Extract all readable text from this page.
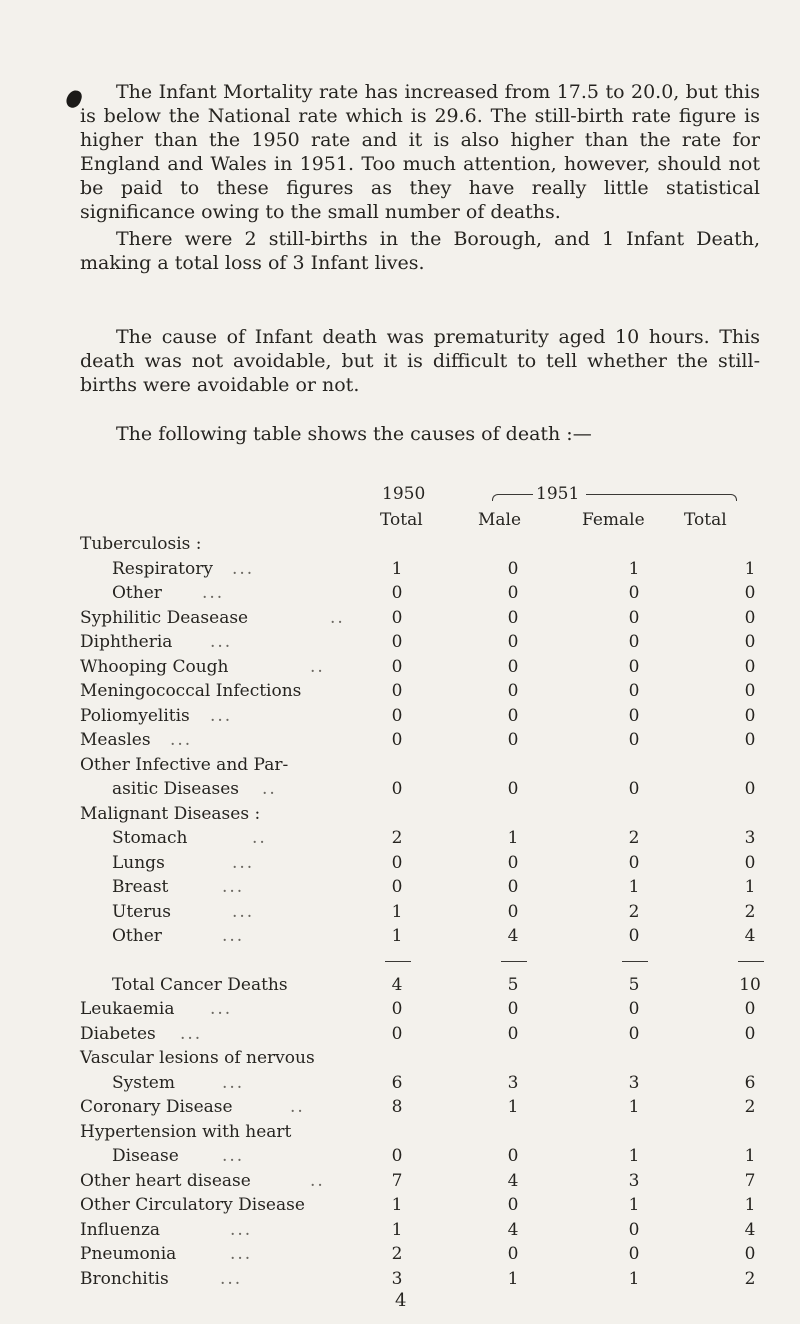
The Infant Mortality rate has increased from 17.5 to 20.0, but this is below the National rate which is 29.6. The still-birth rate figure is higher than the 1950 rate and it is also higher than the rate for England and Wales in 1951. Too much attention, however, should not be paid to these figures as they have really little statistical significance owing to the small number of deaths.

There were 2 still-births in the Borough, and 1 Infant Death, making a total loss of 3 Infant lives.

The cause of Infant death was prematurity aged 10 hours. This death was not avoidable, but it is difficult to tell whether the still-births were avoidable or not.

The following table shows the causes of death :—

1950	1951
Total	Male	Female Total
Tuberculosis :
Respiratory ...	1	0	1	1
Other ...	0	0	0	0
Syphilitic Deasease	..	0	0	0	0
Diphtheria ...	0	0	0	0
Whooping Cough	..	0	0	0	0
Meningococcal Infections	0	0	0	0
Poliomyelitis ...	0	0	0	0
Measles ...	0	0	0	0
Other Infective and Par-
asitic Diseases ..	0	0	0	0
Malignant Diseases :
Stomach	..	2	1	2	3
Lungs	...	0	0	0	0
Breast	...	0	0	1	1
Uterus	...	1	0	2	2
Other	...	1	4	0	4
Total Cancer Deaths	4	5	5	10
Leukaemia ...	0	0	0	0
Diabetes ...	0	0	0	0
Vascular lesions of nervous
System	...	6	3	3	6
Coronary Disease	..	8	1	1	2
Hypertension with heart
Disease	...	0	0	1	1
Other heart disease	..	7	4	3	7
Other Circulatory Disease	1	0	1	1
Influenza	...	1	4	0	4
Pneumonia	...	2	0	0	0
Bronchitis	...	3	1	1	2
4
